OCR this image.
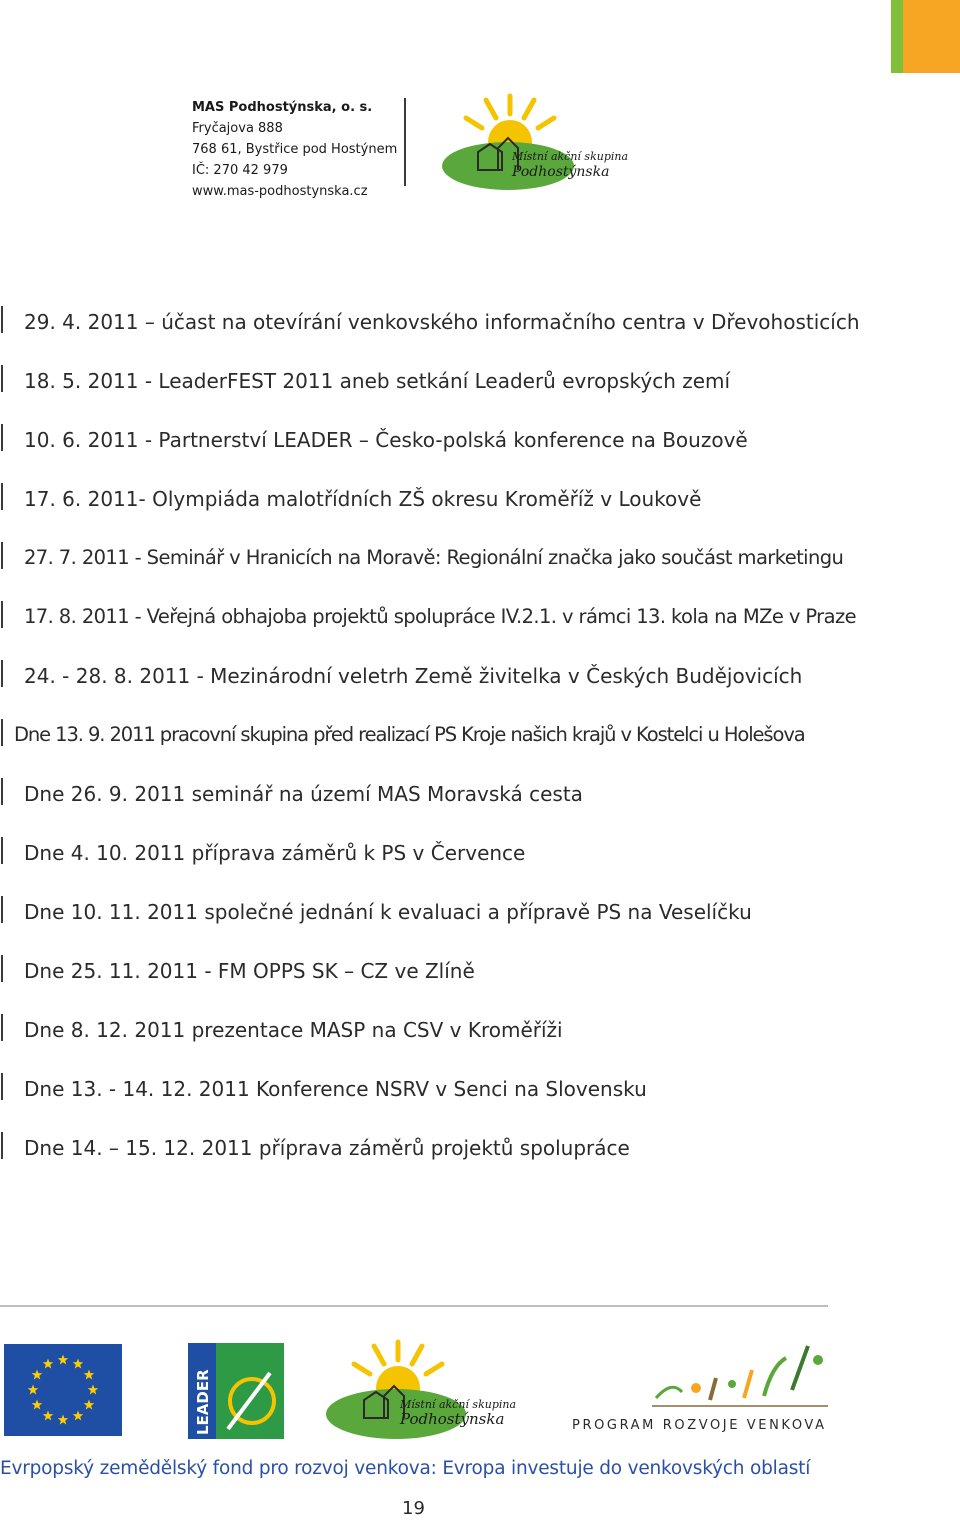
MAS Podhostýnska, o. s.
Fryčajova 888
768 61, Bystřice pod Hostýnem
IČ: 270 42 979
www.mas-podhostynska.cz
Místní akční skupina
Podhostýnska
29. 4. 2011 – účast na otevírání venkovského informačního centra v Dřevohosticích
18. 5. 2011 - LeaderFEST 2011 aneb setkání Leaderů evropských zemí
10. 6. 2011 - Partnerství LEADER – Česko-polská konference na Bouzově
17. 6. 2011- Olympiáda malotřídních ZŠ okresu Kroměříž v Loukově
27. 7. 2011 - Seminář v Hranicích na Moravě: Regionální značka jako součást marketingu
17. 8. 2011 - Veřejná obhajoba projektů spolupráce IV.2.1. v rámci 13. kola na MZe v Praze
24. - 28. 8. 2011 - Mezinárodní veletrh Země živitelka v Českých Budějovicích
Dne 13. 9. 2011 pracovní skupina před realizací PS Kroje našich krajů v Kostelci u Holešova
Dne 26. 9. 2011 seminář na území MAS Moravská cesta
Dne 4. 10. 2011 příprava záměrů k PS v Července
Dne 10. 11. 2011 společné jednání k evaluaci a přípravě PS na Veselíčku
Dne 25. 11. 2011 - FM OPPS SK – CZ ve Zlíně
Dne 8. 12. 2011 prezentace MASP na CSV v Kroměříži
Dne 13. - 14. 12. 2011 Konference NSRV v Senci na Slovensku
Dne 14. – 15. 12. 2011 příprava záměrů projektů spolupráce
LEADER	Místní akční skupina
Podhostýnska	PROGRAM ROZVOJE VENKOVA
Evrpopský zemědělský fond pro rozvoj venkova: Evropa investuje do venkovských oblastí
19
